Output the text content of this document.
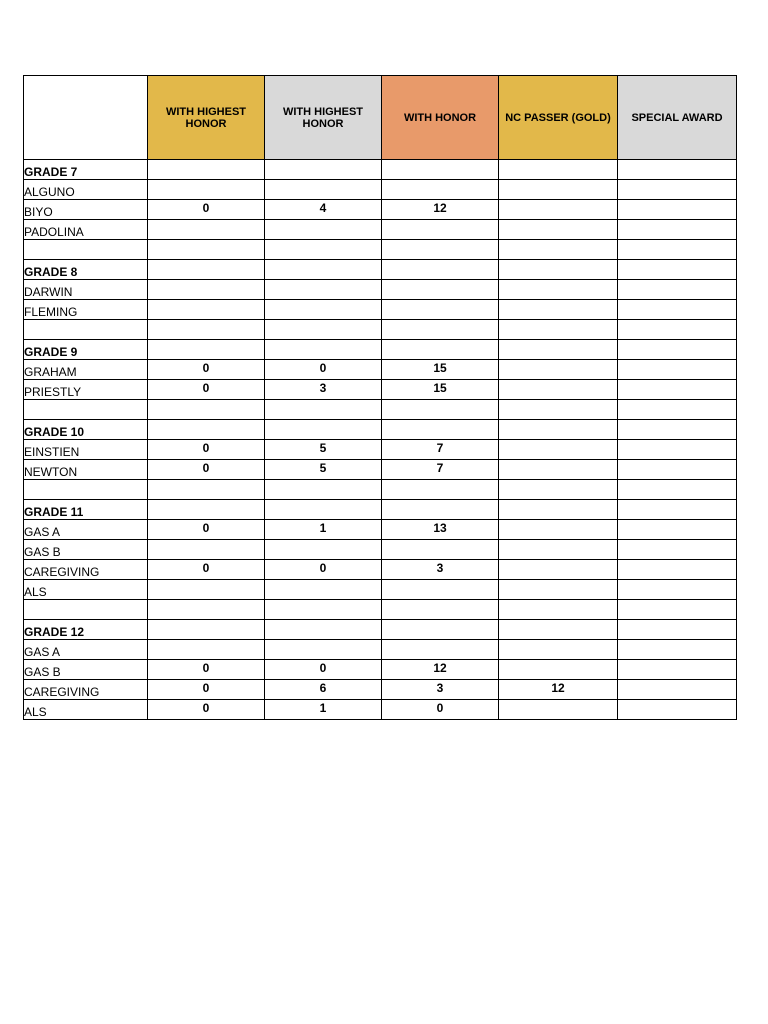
	WITH HIGHEST HONOR	WITH HIGHEST HONOR	WITH HONOR	NC PASSER (GOLD)	SPECIAL AWARD
GRADE 7					
ALGUNO					
BIYO	0	4	12		
PADOLINA					

GRADE 8					
DARWIN					
FLEMING					

GRADE 9					
GRAHAM	0	0	15		
PRIESTLY	0	3	15		

GRADE 10					
EINSTIEN	0	5	7		
NEWTON	0	5	7		

GRADE 11					
GAS A	0	1	13		
GAS B					
CAREGIVING	0	0	3		
ALS					

GRADE 12					
GAS A					
GAS B	0	0	12		
CAREGIVING	0	6	3	12	
ALS	0	1	0		
